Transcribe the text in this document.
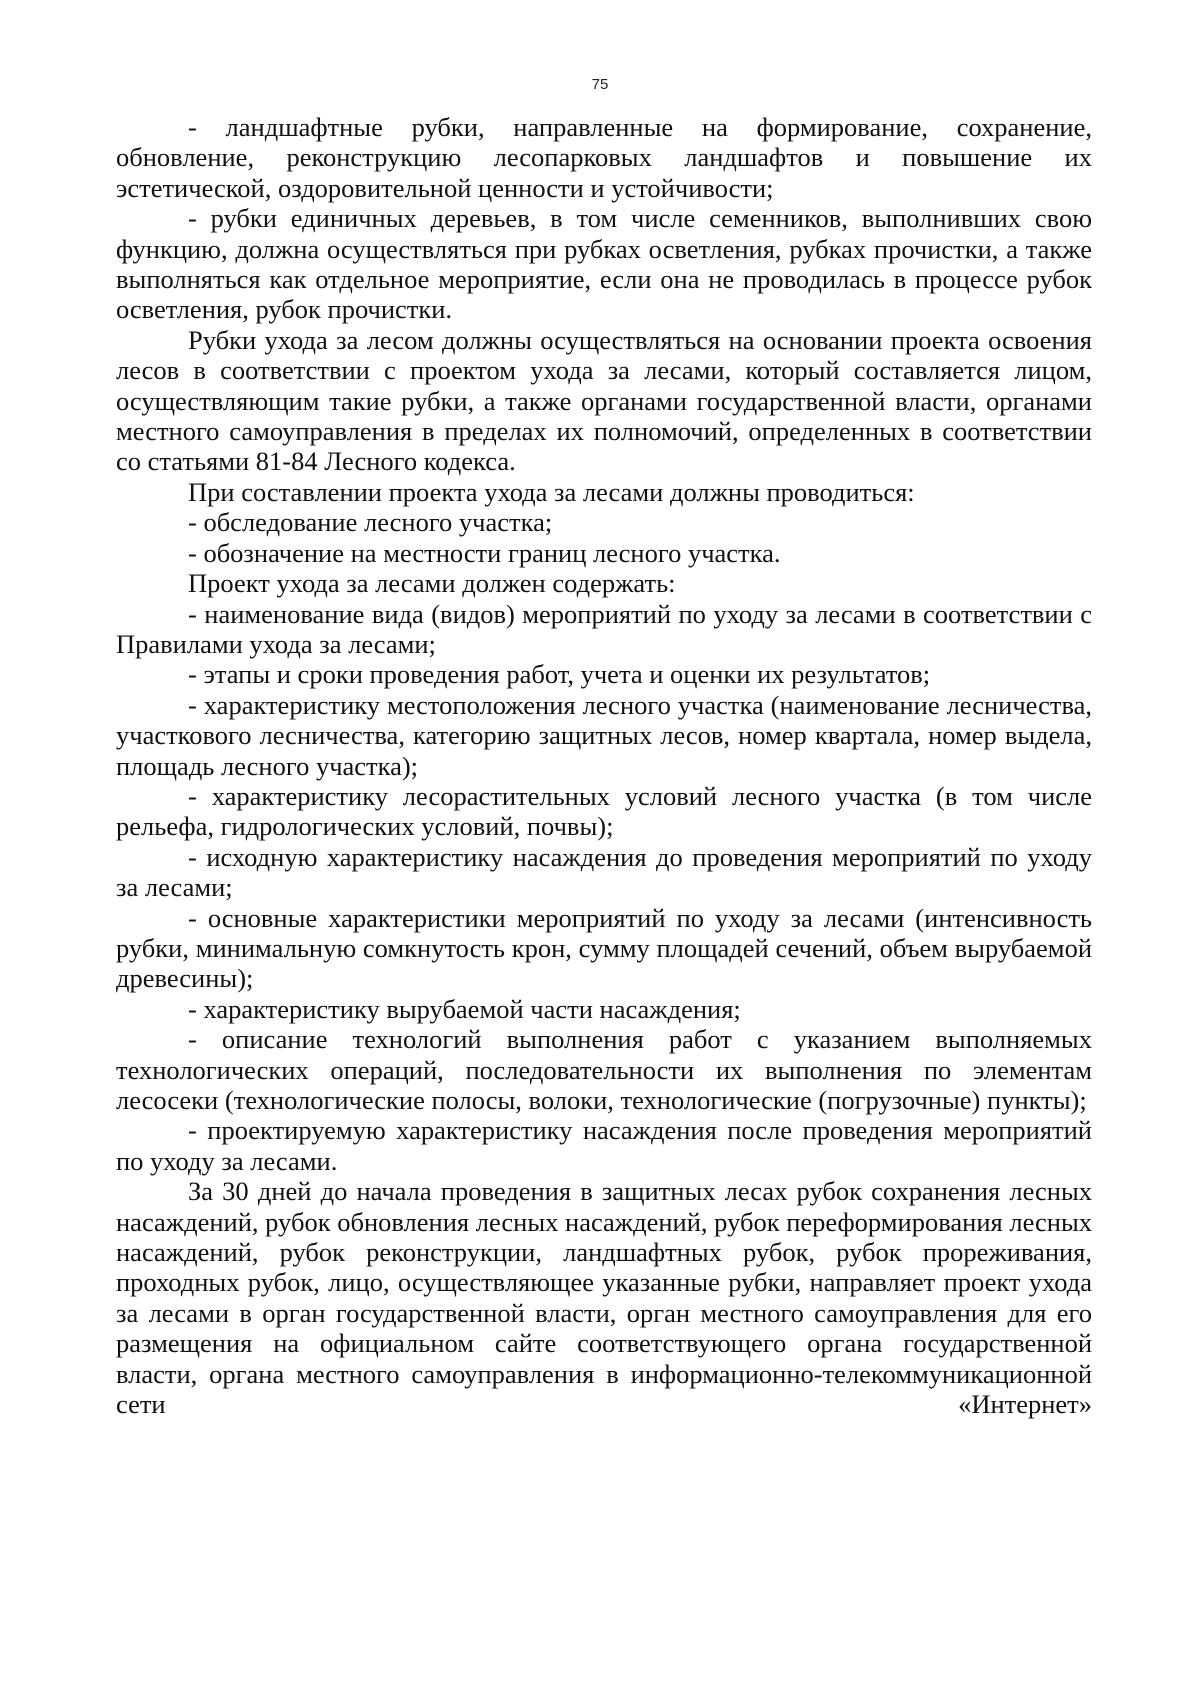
75

- ландшафтные рубки, направленные на формирование, сохранение, обновление, реконструкцию лесопарковых ландшафтов и повышение их эстетической, оздоровительной ценности и устойчивости;

- рубки единичных деревьев, в том числе семенников, выполнивших свою функцию, должна осуществляться при рубках осветления, рубках прочистки, а также выполняться как отдельное мероприятие, если она не проводилась в процессе рубок осветления, рубок прочистки.

Рубки ухода за лесом должны осуществляться на основании проекта освоения лесов в соответствии с проектом ухода за лесами, который составляется лицом, осуществляющим такие рубки, а также органами государственной власти, органами местного самоуправления в пределах их полномочий, определенных в соответствии со статьями 81-84 Лесного кодекса.

При составлении проекта ухода за лесами должны проводиться:

- обследование лесного участка;

- обозначение на местности границ лесного участка.

Проект ухода за лесами должен содержать:

- наименование вида (видов) мероприятий по уходу за лесами в соответствии с Правилами ухода за лесами;

- этапы и сроки проведения работ, учета и оценки их результатов;

- характеристику местоположения лесного участка (наименование лесничества, участкового лесничества, категорию защитных лесов, номер квартала, номер выдела, площадь лесного участка);

- характеристику лесорастительных условий лесного участка (в том числе рельефа, гидрологических условий, почвы);

- исходную характеристику насаждения до проведения мероприятий по уходу за лесами;

- основные характеристики мероприятий по уходу за лесами (интенсивность рубки, минимальную сомкнутость крон, сумму площадей сечений, объем вырубаемой древесины);

- характеристику вырубаемой части насаждения;

- описание технологий выполнения работ с указанием выполняемых технологических операций, последовательности их выполнения по элементам лесосеки (технологические полосы, волоки, технологические (погрузочные) пункты);

- проектируемую характеристику насаждения после проведения мероприятий по уходу за лесами.

За 30 дней до начала проведения в защитных лесах рубок сохранения лесных насаждений, рубок обновления лесных насаждений, рубок переформирования лесных насаждений, рубок реконструкции, ландшафтных рубок, рубок прореживания, проходных рубок, лицо, осуществляющее указанные рубки, направляет проект ухода за лесами в орган государственной власти, орган местного самоуправления для его размещения на официальном сайте соответствующего органа государственной власти, органа местного самоуправления в информационно-телекоммуникационной сети «Интернет»
